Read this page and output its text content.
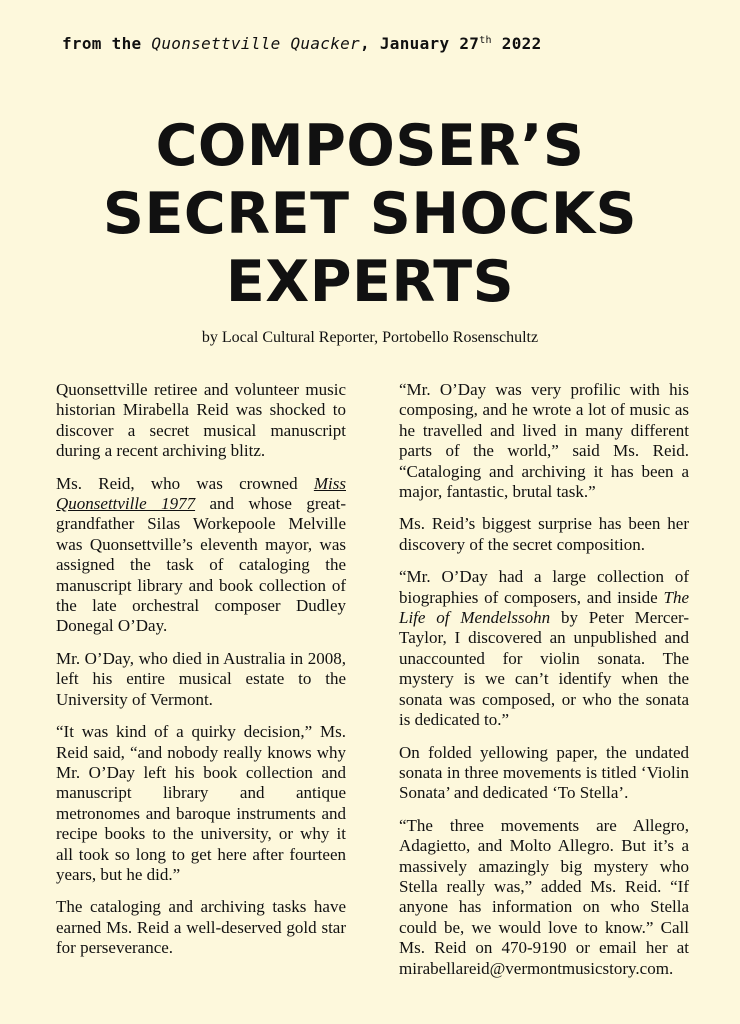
from the Quonsettville Quacker, January 27th 2022
COMPOSER’S
SECRET SHOCKS
EXPERTS
by Local Cultural Reporter, Portobello Rosenschultz

Quonsettville retiree and volunteer music historian Mirabella Reid was shocked to discover a secret musical manuscript during a recent archiving blitz.

Ms. Reid, who was crowned Miss Quonsettville 1977 and whose great-grandfather Silas Workepoole Melville was Quonsettville’s eleventh mayor, was assigned the task of cataloging the manuscript library and book collection of the late orchestral composer Dudley Donegal O’Day.

Mr. O’Day, who died in Australia in 2008, left his entire musical estate to the University of Vermont.

“It was kind of a quirky decision,” Ms. Reid said, “and nobody really knows why Mr. O’Day left his book collection and manuscript library and antique metronomes and baroque instruments and recipe books to the university, or why it all took so long to get here after fourteen years, but he did.”

The cataloging and archiving tasks have earned Ms. Reid a well-deserved gold star for perseverance.

“Mr. O’Day was very profilic with his composing, and he wrote a lot of music as he travelled and lived in many different parts of the world,” said Ms. Reid. “Cataloging and archiving it has been a major, fantastic, brutal task.”

Ms. Reid’s biggest surprise has been her discovery of the secret composition.

“Mr. O’Day had a large collection of biographies of composers, and inside The Life of Mendelssohn by Peter Mercer-Taylor, I discovered an unpublished and unaccounted for violin sonata. The mystery is we can’t identify when the sonata was composed, or who the sonata is dedicated to.”

On folded yellowing paper, the undated sonata in three movements is titled ‘Violin Sonata’ and dedicated ‘To Stella’.

“The three movements are Allegro, Adagietto, and Molto Allegro. But it’s a massively amazingly big mystery who Stella really was,” added Ms. Reid. “If anyone has information on who Stella could be, we would love to know.” Call Ms. Reid on 470-9190 or email her at mirabellareid@vermontmusicstory.com.
